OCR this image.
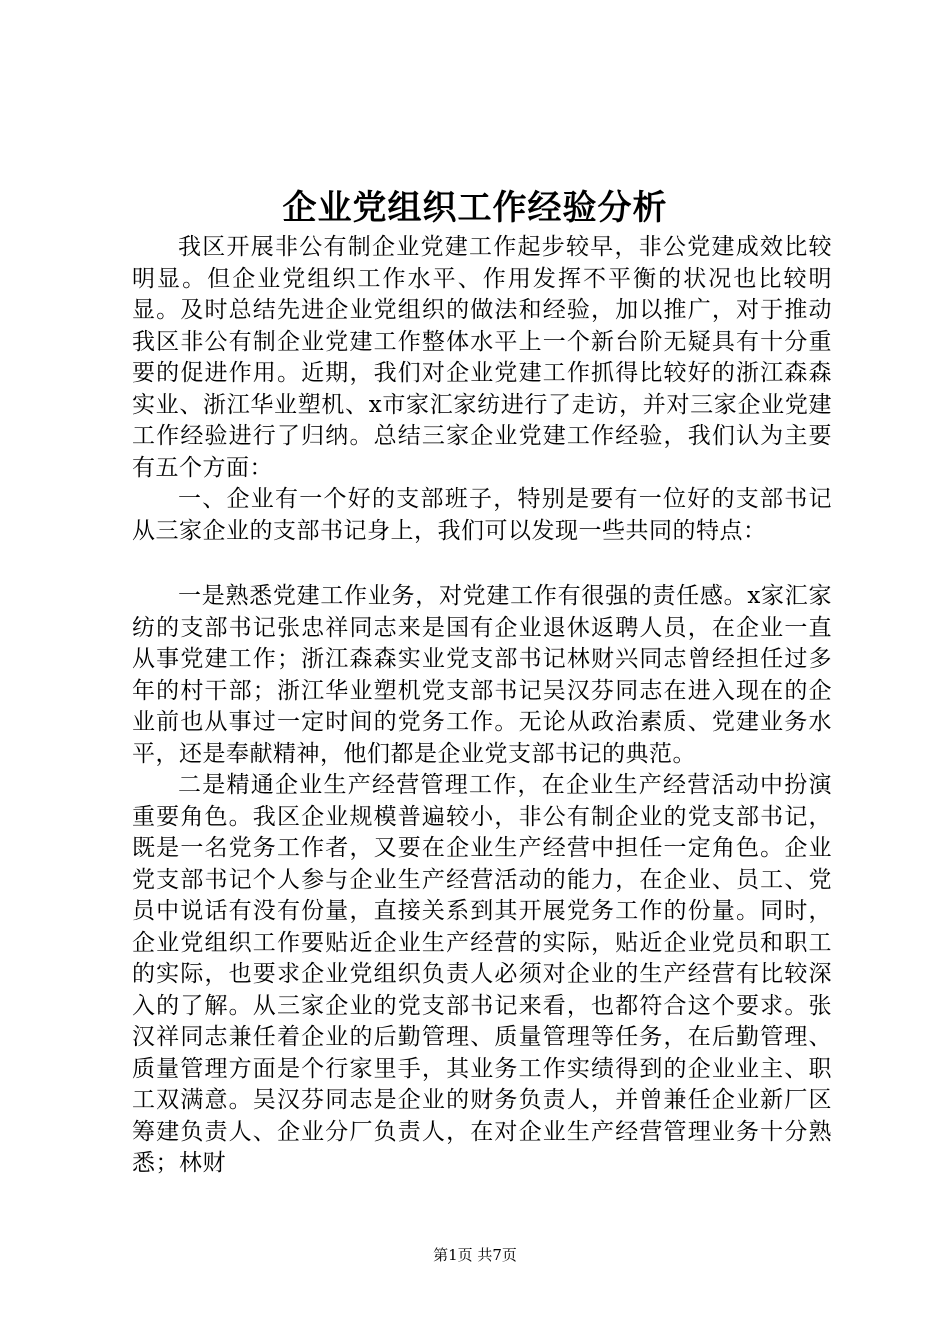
企业党组织工作经验分析

我区开展非公有制企业党建工作起步较早，非公党建成效比较明显。但企业党组织工作水平、作用发挥不平衡的状况也比较明显。及时总结先进企业党组织的做法和经验，加以推广，对于推动我区非公有制企业党建工作整体水平上一个新台阶无疑具有十分重要的促进作用。近期，我们对企业党建工作抓得比较好的浙江森森实业、浙江华业塑机、x市家汇家纺进行了走访，并对三家企业党建工作经验进行了归纳。总结三家企业党建工作经验，我们认为主要有五个方面：

一、企业有一个好的支部班子，特别是要有一位好的支部书记从三家企业的支部书记身上，我们可以发现一些共同的特点：

一是熟悉党建工作业务，对党建工作有很强的责任感。x家汇家纺的支部书记张忠祥同志来是国有企业退休返聘人员，在企业一直从事党建工作；浙江森森实业党支部书记林财兴同志曾经担任过多年的村干部；浙江华业塑机党支部书记吴汉芬同志在进入现在的企业前也从事过一定时间的党务工作。无论从政治素质、党建业务水平，还是奉献精神，他们都是企业党支部书记的典范。

二是精通企业生产经营管理工作，在企业生产经营活动中扮演重要角色。我区企业规模普遍较小，非公有制企业的党支部书记，既是一名党务工作者，又要在企业生产经营中担任一定角色。企业党支部书记个人参与企业生产经营活动的能力，在企业、员工、党员中说话有没有份量，直接关系到其开展党务工作的份量。同时，企业党组织工作要贴近企业生产经营的实际，贴近企业党员和职工的实际，也要求企业党组织负责人必须对企业的生产经营有比较深入的了解。从三家企业的党支部书记来看，也都符合这个要求。张汉祥同志兼任着企业的后勤管理、质量管理等任务，在后勤管理、质量管理方面是个行家里手，其业务工作实绩得到的企业业主、职工双满意。吴汉芬同志是企业的财务负责人，并曾兼任企业新厂区筹建负责人、企业分厂负责人，在对企业生产经营管理业务十分熟悉；林财

第1页 共7页
